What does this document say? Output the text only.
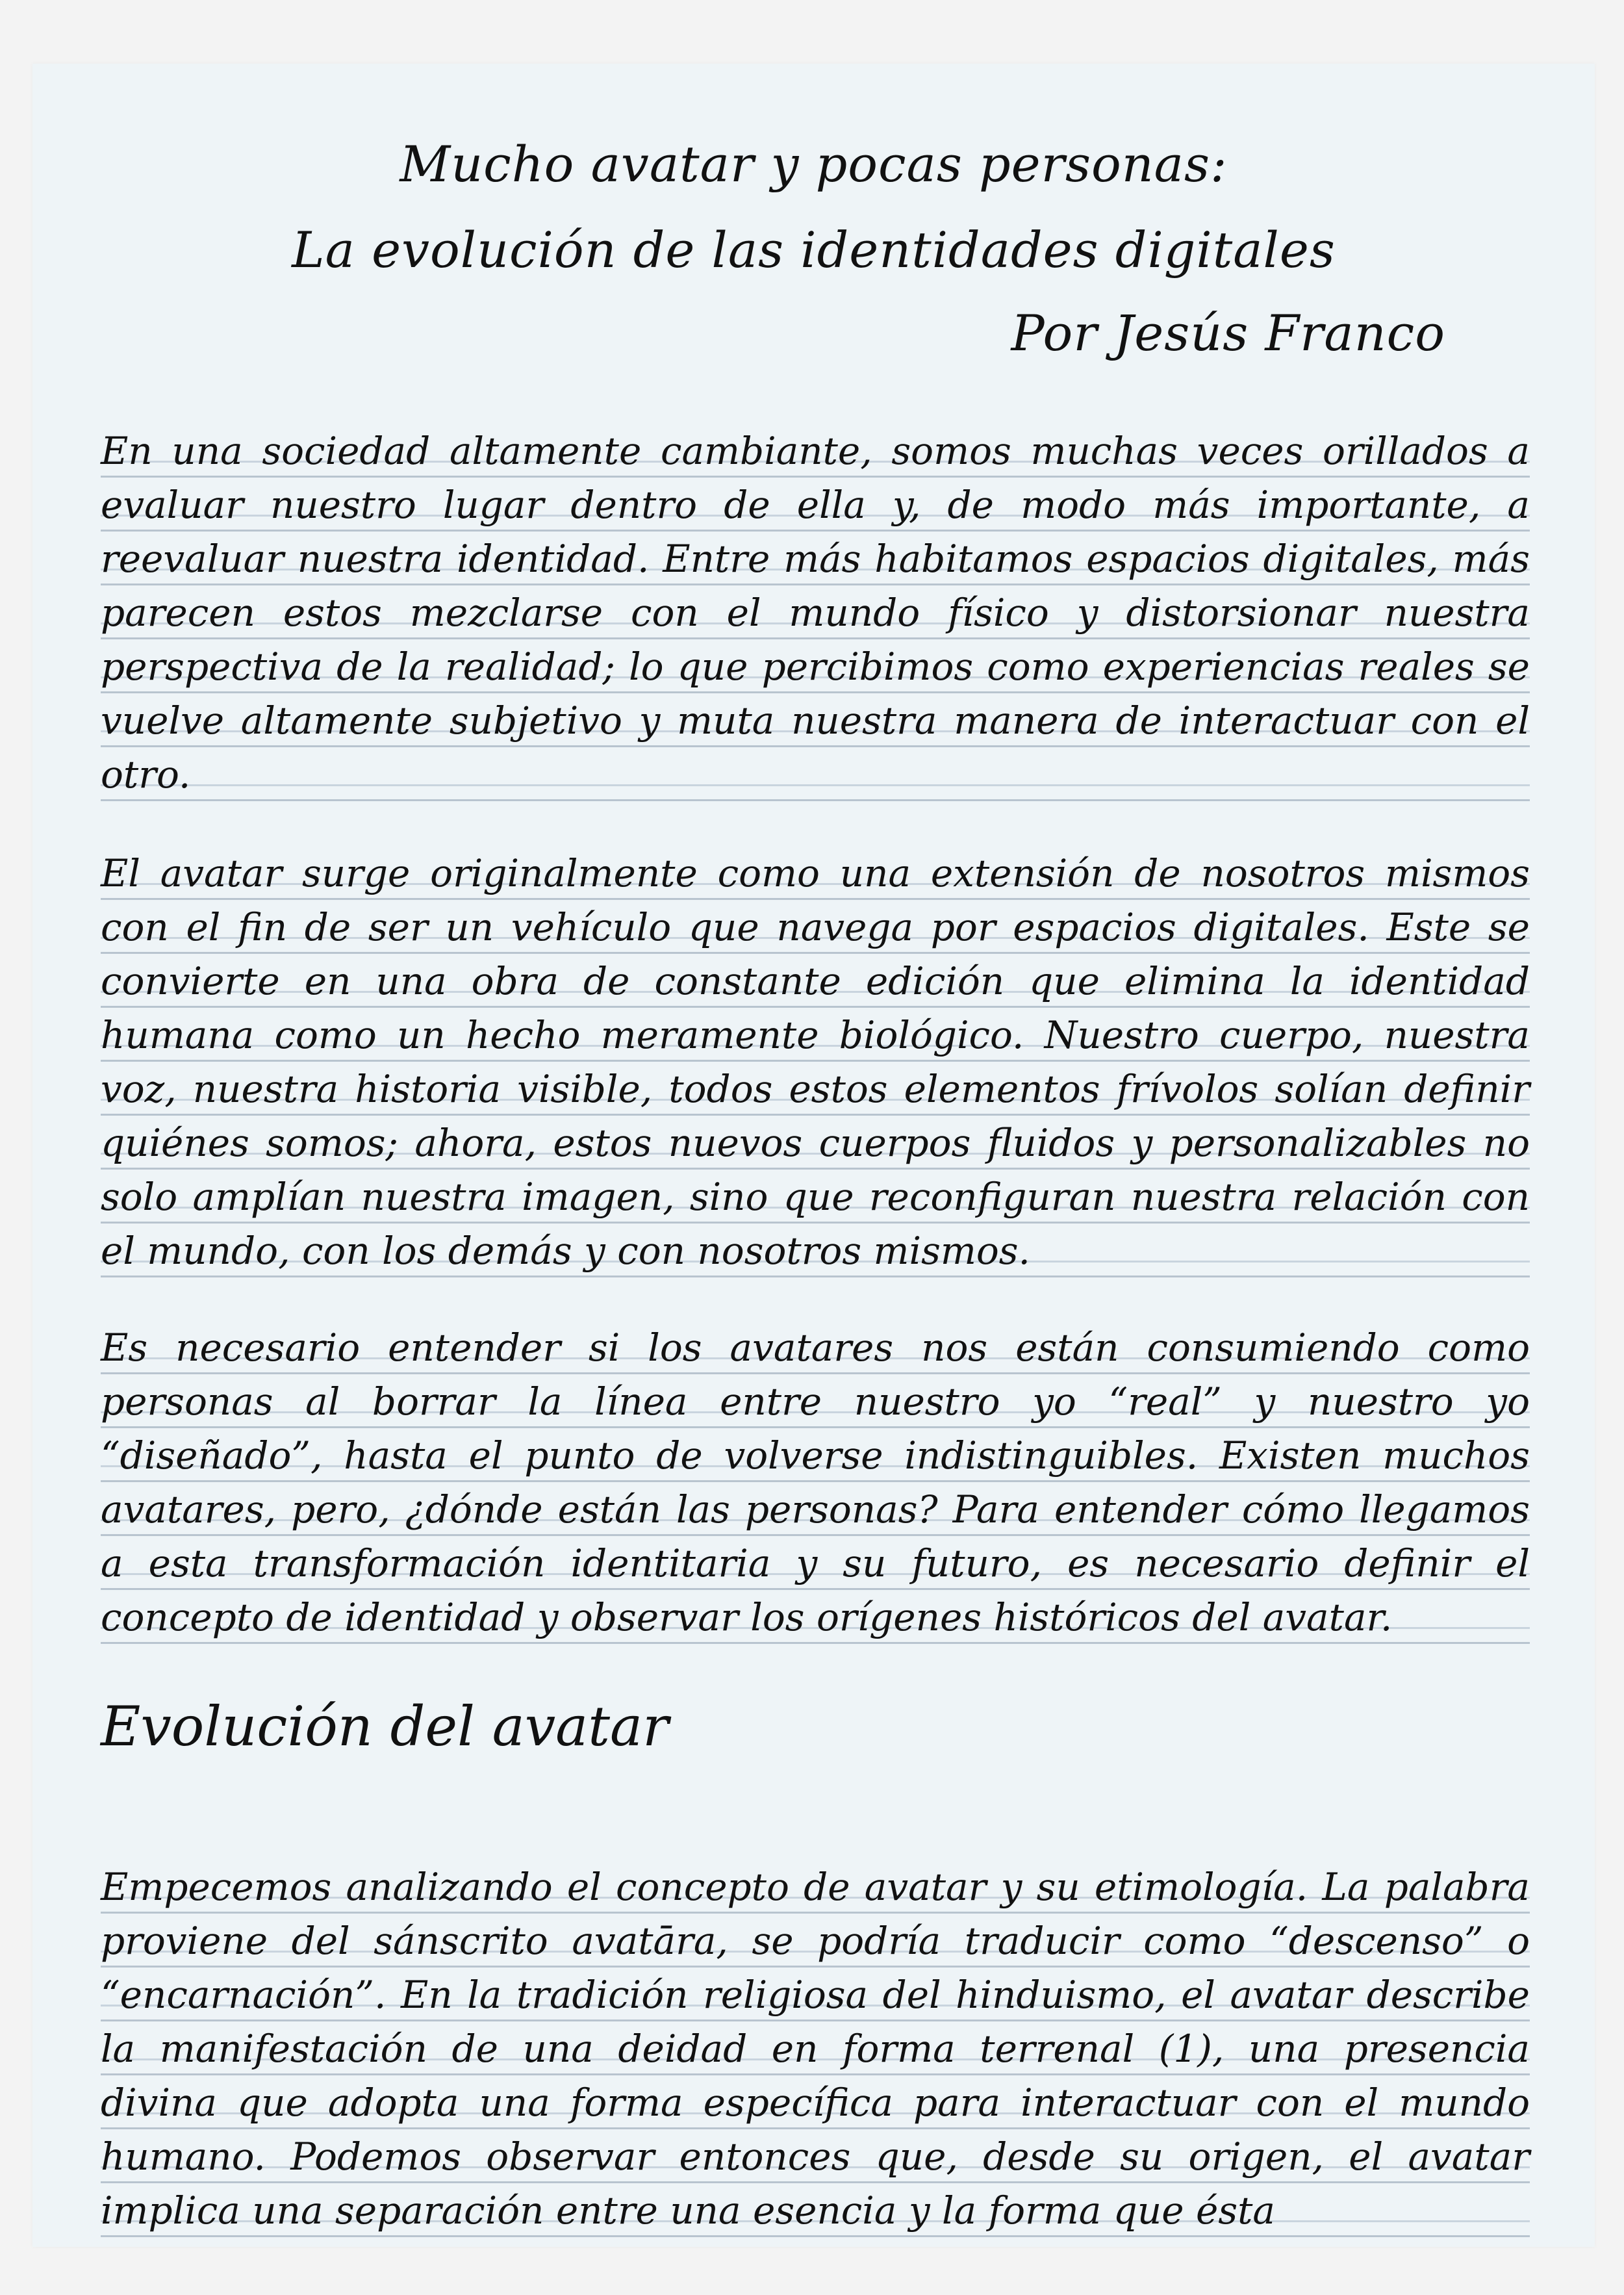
Mucho avatar y pocas personas:
La evolución de las identidades digitales
Por Jesús Franco

En una sociedad altamente cambiante, somos muchas veces orillados a evaluar nuestro lugar dentro de ella y, de modo más importante, a reevaluar nuestra identidad. Entre más habitamos espacios digitales, más parecen estos mezclarse con el mundo físico y distorsionar nuestra perspectiva de la realidad; lo que percibimos como experiencias reales se vuelve altamente subjetivo y muta nuestra manera de interactuar con el otro.

El avatar surge originalmente como una extensión de nosotros mismos con el fin de ser un vehículo que navega por espacios digitales. Este se convierte en una obra de constante edición que elimina la identidad humana como un hecho meramente biológico. Nuestro cuerpo, nuestra voz, nuestra historia visible, todos estos elementos frívolos solían definir quiénes somos; ahora, estos nuevos cuerpos fluidos y personalizables no solo amplían nuestra imagen, sino que reconfiguran nuestra relación con el mundo, con los demás y con nosotros mismos.

Es necesario entender si los avatares nos están consumiendo como personas al borrar la línea entre nuestro yo “real” y nuestro yo “diseñado”, hasta el punto de volverse indistinguibles. Existen muchos avatares, pero, ¿dónde están las personas? Para entender cómo llegamos a esta transformación identitaria y su futuro, es necesario definir el concepto de identidad y observar los orígenes históricos del avatar.

Evolución del avatar

Empecemos analizando el concepto de avatar y su etimología. La palabra proviene del sánscrito avatāra, se podría traducir como “descenso” o “encarnación”. En la tradición religiosa del hinduismo, el avatar describe la manifestación de una deidad en forma terrenal (1), una presencia divina que adopta una forma específica para interactuar con el mundo humano. Podemos observar entonces que, desde su origen, el avatar implica una separación entre una esencia y la forma que ésta
